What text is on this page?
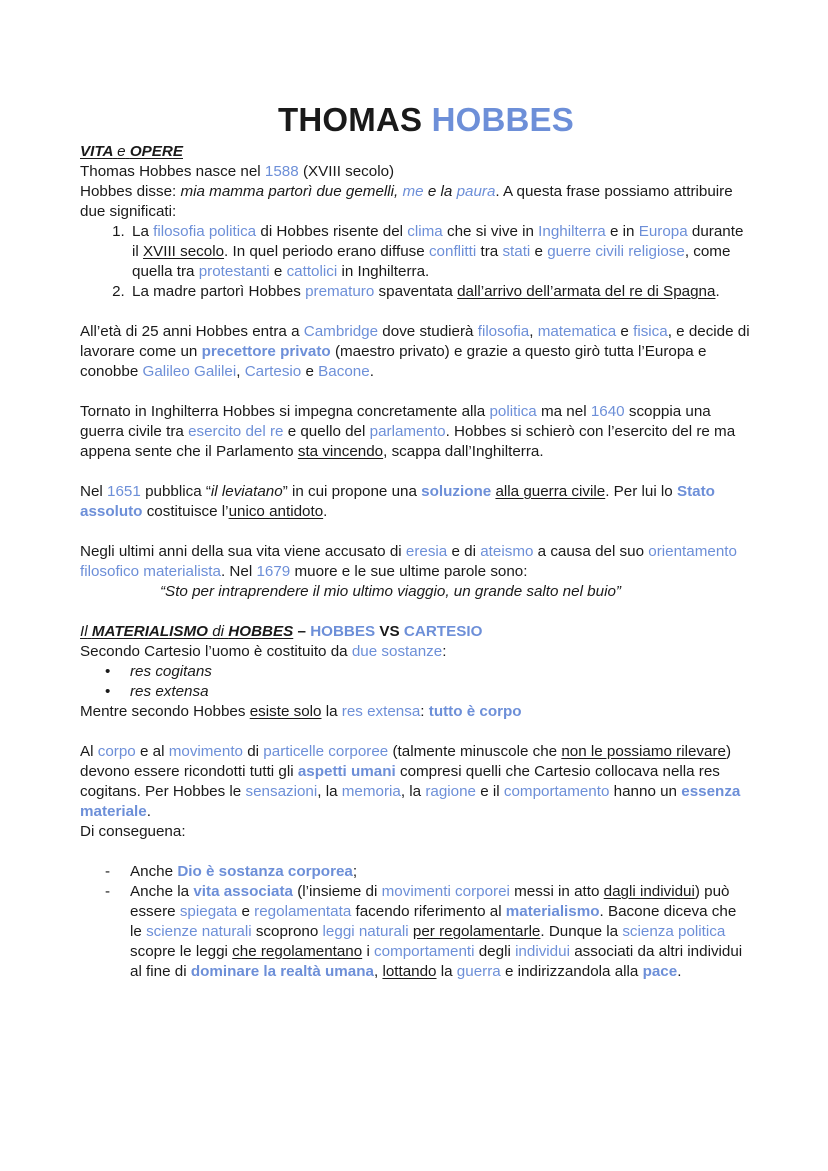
THOMAS HOBBES
VITA e OPERE

Thomas Hobbes nasce nel 1588 (XVIII secolo)

Hobbes disse: mia mamma partorì due gemelli, me e la paura. A questa frase possiamo attribuire due significati:

1. La filosofia politica di Hobbes risente del clima che si vive in Inghilterra e in Europa durante il XVIII secolo. In quel periodo erano diffuse conflitti tra stati e guerre civili religiose, come quella tra protestanti e cattolici in Inghilterra.
2. La madre partorì Hobbes prematuro spaventata dall’arrivo dell’armata del re di Spagna.

All’età di 25 anni Hobbes entra a Cambridge dove studierà filosofia, matematica e fisica, e decide di lavorare come un precettore privato (maestro privato) e grazie a questo girò tutta l’Europa e conobbe Galileo Galilei, Cartesio e Bacone.

Tornato in Inghilterra Hobbes si impegna concretamente alla politica ma nel 1640 scoppia una guerra civile tra esercito del re e quello del parlamento. Hobbes si schierò con l’esercito del re ma appena sente che il Parlamento sta vincendo, scappa dall’Inghilterra.

Nel 1651 pubblica “il leviatano” in cui propone una soluzione alla guerra civile. Per lui lo Stato assoluto costituisce l’unico antidoto.

Negli ultimi anni della sua vita viene accusato di eresia e di ateismo a causa del suo orientamento filosofico materialista. Nel 1679 muore e le sue ultime parole sono:

“Sto per intraprendere il mio ultimo viaggio, un grande salto nel buio”

Il MATERIALISMO di HOBBES – HOBBES VS CARTESIO

Secondo Cartesio l’uomo è costituito da due sostanze:

• res cogitans
• res extensa

Mentre secondo Hobbes esiste solo la res extensa: tutto è corpo

Al corpo e al movimento di particelle corporee (talmente minuscole che non le possiamo rilevare) devono essere ricondotti tutti gli aspetti umani compresi quelli che Cartesio collocava nella res cogitans. Per Hobbes le sensazioni, la memoria, la ragione e il comportamento hanno un essenza materiale.

Di conseguena:

- Anche Dio è sostanza corporea;
- Anche la vita associata (l’insieme di movimenti corporei messi in atto dagli individui) può essere spiegata e regolamentata facendo riferimento al materialismo. Bacone diceva che le scienze naturali scoprono leggi naturali per regolamentarle. Dunque la scienza politica scopre le leggi che regolamentano i comportamenti degli individui associati da altri individui al fine di dominare la realtà umana, lottando la guerra e indirizzandola alla pace.
